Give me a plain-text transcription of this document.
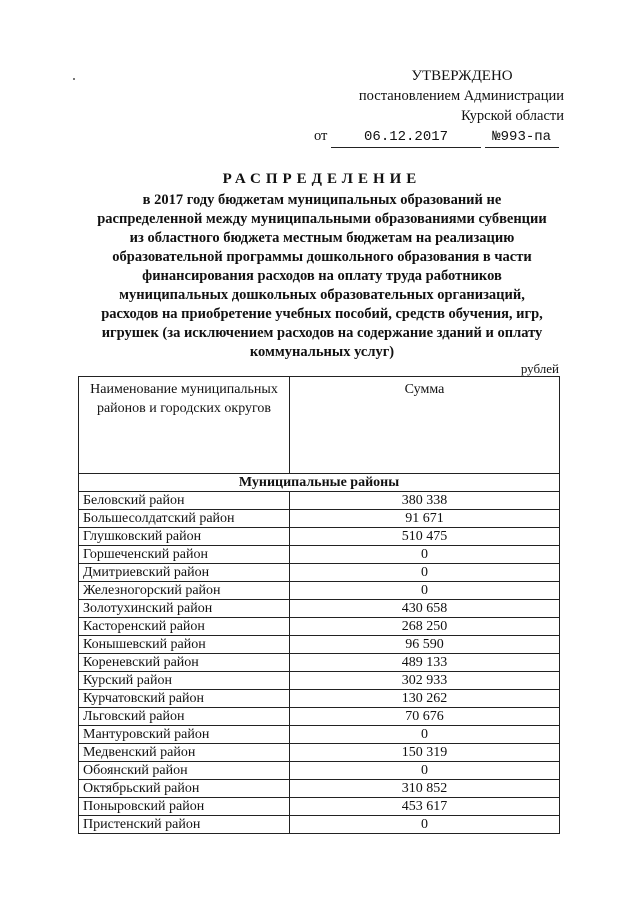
УТВЕРЖДЕНО
постановлением Администрации
Курской области
от	06.12.2017	№993-па
РАСПРЕДЕЛЕНИЕ
в 2017 году бюджетам муниципальных образований не
распределенной между муниципальными образованиями субвенции
из областного бюджета местным бюджетам на реализацию
образовательной программы дошкольного образования в части
финансирования расходов на оплату труда работников
муниципальных дошкольных образовательных организаций,
расходов на приобретение учебных пособий, средств обучения, игр,
игрушек (за исключением расходов на содержание зданий и оплату
коммунальных услуг)
рублей
Наименование муниципальных районов и городских округов	Сумма
Муниципальные районы	
Беловский район	380 338
Большесолдатский район	91 671
Глушковский район	510 475
Горшеченский район	0
Дмитриевский район	0
Железногорский район	0
Золотухинский район	430 658
Касторенский район	268 250
Конышевский район	96 590
Кореневский район	489 133
Курский район	302 933
Курчатовский район	130 262
Льговский район	70 676
Мантуровский район	0
Медвенский район	150 319
Обоянский район	0
Октябрьский район	310 852
Поныровский район	453 617
Пристенский район	0
